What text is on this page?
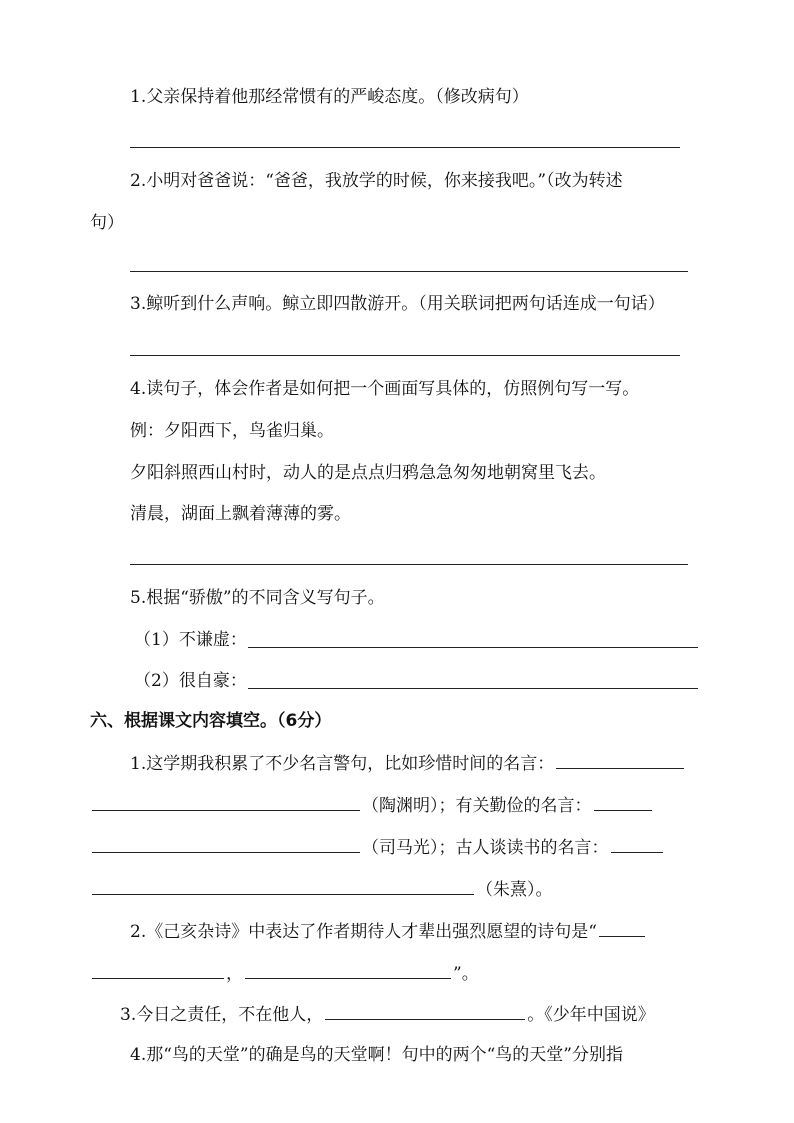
1.父亲保持着他那经常惯有的严峻态度。（修改病句）
2.小明对爸爸说：“爸爸，我放学的时候，你来接我吧。”（改为转述
句）
3.鲸听到什么声响。鲸立即四散游开。（用关联词把两句话连成一句话）
4.读句子，体会作者是如何把一个画面写具体的，仿照例句写一写。
例：夕阳西下，鸟雀归巢。
夕阳斜照西山村时，动人的是点点归鸦急急匆匆地朝窝里飞去。
清晨，湖面上飘着薄薄的雾。
5.根据“骄傲”的不同含义写句子。
（1）不谦虚：
（2）很自豪：
六、根据课文内容填空。（6分）
1.这学期我积累了不少名言警句，比如珍惜时间的名言：
（陶渊明）；有关勤俭的名言：
（司马光）；古人谈读书的名言：
（朱熹）。
2.《己亥杂诗》中表达了作者期待人才辈出强烈愿望的诗句是“
，	”。
3.今日之责任，不在他人，	。《少年中国说》
4.那“鸟的天堂”的确是鸟的天堂啊！句中的两个“鸟的天堂”分别指
